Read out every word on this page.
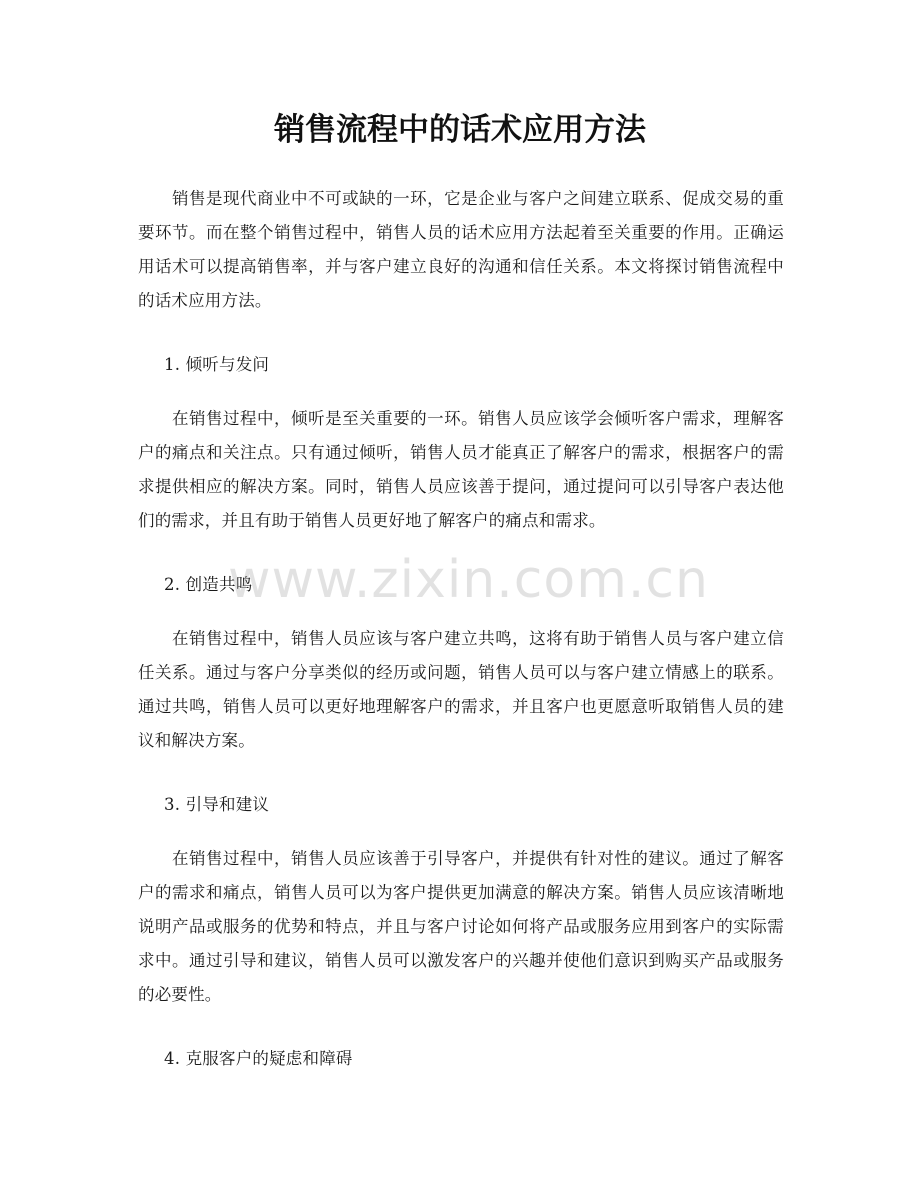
销售流程中的话术应用方法

销售是现代商业中不可或缺的一环，它是企业与客户之间建立联系、促成交易的重要环节。而在整个销售过程中，销售人员的话术应用方法起着至关重要的作用。正确运用话术可以提高销售率，并与客户建立良好的沟通和信任关系。本文将探讨销售流程中的话术应用方法。

1. 倾听与发问

在销售过程中，倾听是至关重要的一环。销售人员应该学会倾听客户需求，理解客户的痛点和关注点。只有通过倾听，销售人员才能真正了解客户的需求，根据客户的需求提供相应的解决方案。同时，销售人员应该善于提问，通过提问可以引导客户表达他们的需求，并且有助于销售人员更好地了解客户的痛点和需求。

2. 创造共鸣

在销售过程中，销售人员应该与客户建立共鸣，这将有助于销售人员与客户建立信任关系。通过与客户分享类似的经历或问题，销售人员可以与客户建立情感上的联系。通过共鸣，销售人员可以更好地理解客户的需求，并且客户也更愿意听取销售人员的建议和解决方案。

3. 引导和建议

在销售过程中，销售人员应该善于引导客户，并提供有针对性的建议。通过了解客户的需求和痛点，销售人员可以为客户提供更加满意的解决方案。销售人员应该清晰地说明产品或服务的优势和特点，并且与客户讨论如何将产品或服务应用到客户的实际需求中。通过引导和建议，销售人员可以激发客户的兴趣并使他们意识到购买产品或服务的必要性。

4. 克服客户的疑虑和障碍

www.zixin.com.cn
